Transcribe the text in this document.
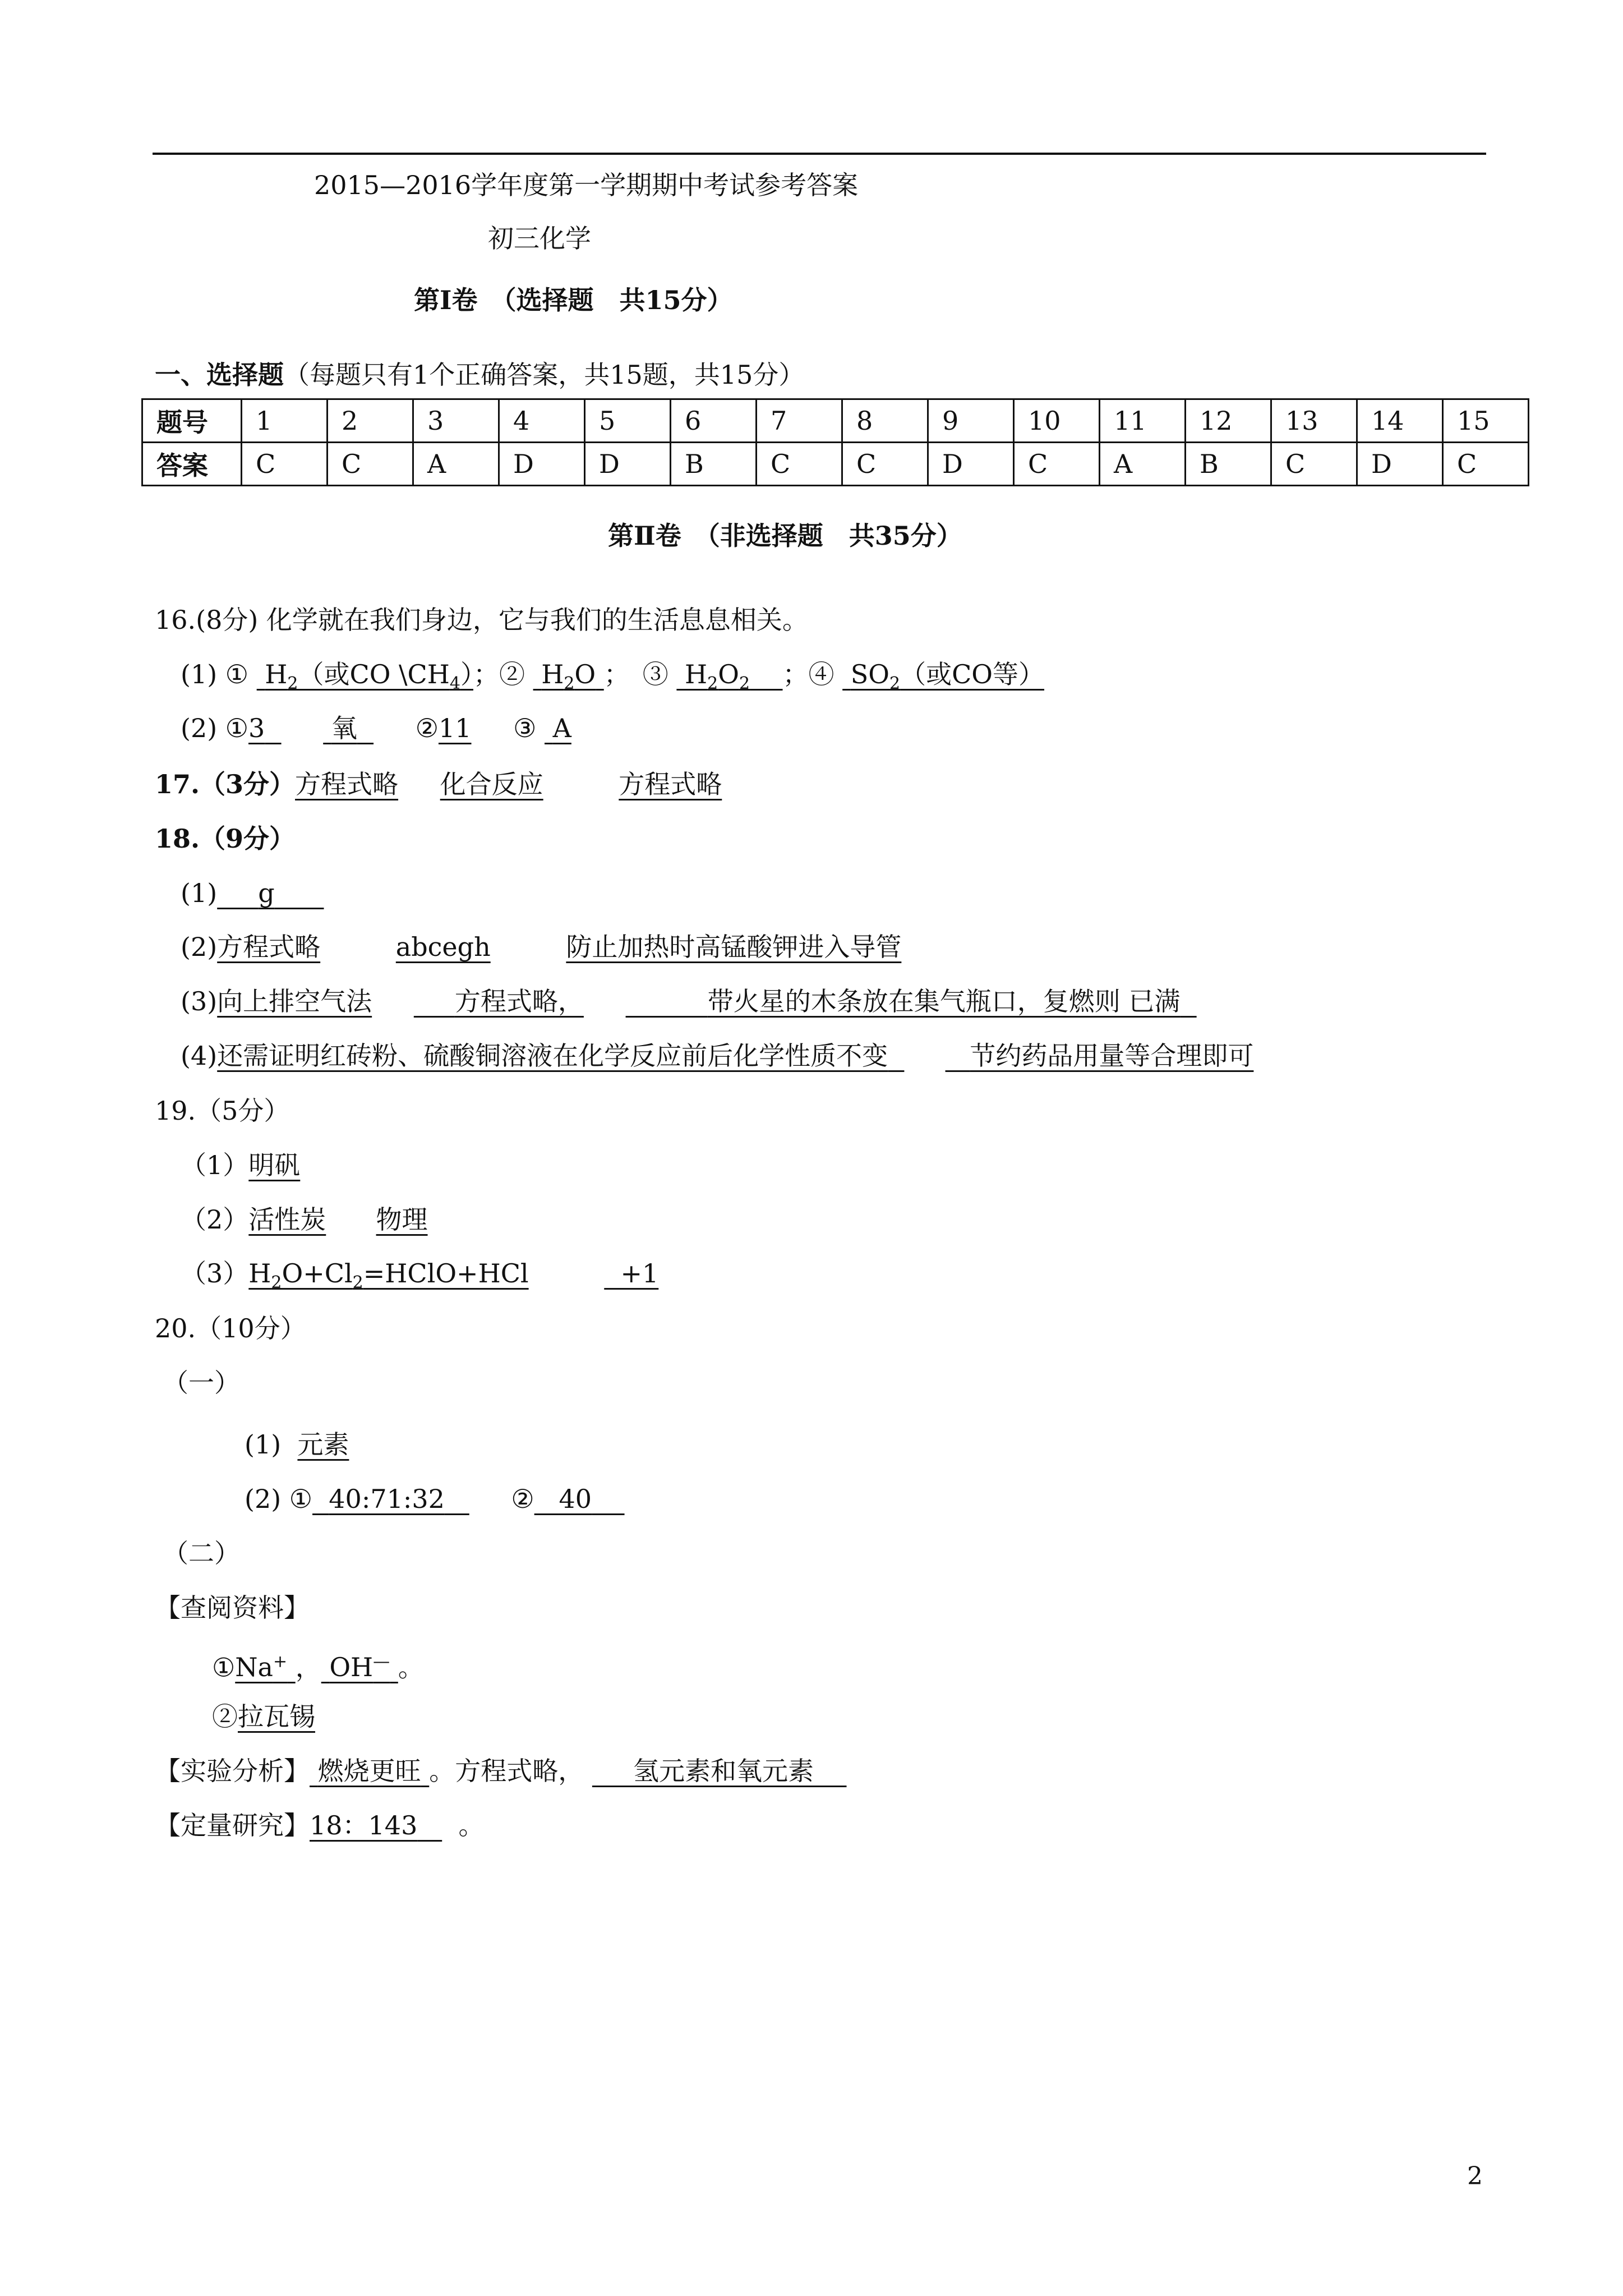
2015—2016学年度第一学期期中考试参考答案
初三化学
第Ⅰ卷　（选择题　共15分）
一、选择题（每题只有1个正确答案，共15题，共15分）
题号	1	2	3	4	5	6	7	8	9	10	11	12	13	14	15
答案	C	C	A	D	D	B	C	C	D	C	A	B	C	D	C
第Ⅱ卷　（非选择题　共35分）
16.(8分) 化学就在我们身边，它与我们的生活息息相关。
(1) ① $H_2$（或CO $\backslash CH_4$）；② $H_2O$ ；　③ $H_2O_2$ ；④ $SO_2$（或CO等）
(2) ①3	氧 ②11 ③ A
17.（3分）方程式略 化合反应	方程式略
18.（9分）
(1) g
(2)方程式略	abcegh	防止加热时高锰酸钾进入导管
(3)向上排空气法	方程式略，	带火星的木条放在集气瓶口，复燃则 已满
(4)还需证明红砖粉、硫酸铜溶液在化学反应前后化学性质不变	节约药品用量等合理即可
19.（5分）
（1）明矾
（2）活性炭 物理
$(3)H_2O+Cl_2=HClO+HCl$	+1
20.（10分）
（一）
(1) 元素
(2) ① 40:71:32	② 40
（二）
【查阅资料】
①Na+ ， OH— 。
②拉瓦锡
【实验分析】 燃烧更旺 。方程式略， 氢元素和氧元素
【定量研究】18：143 。
2
